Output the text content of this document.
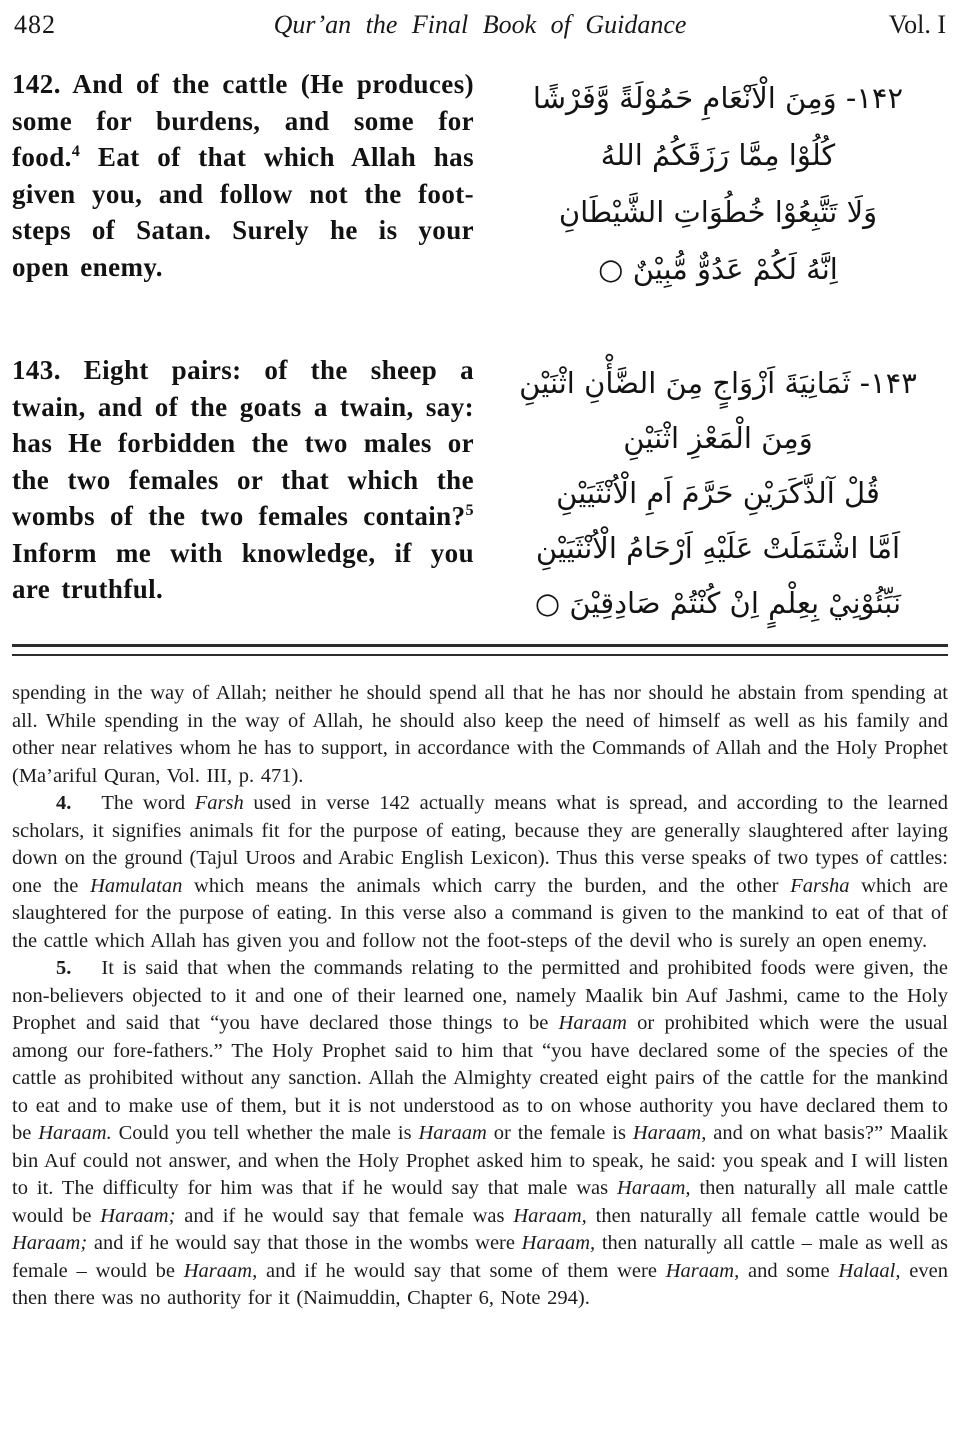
482	Qur’an the Final Book of Guidance	Vol. I
142. And of the cattle (He produces) some for burdens, and some for food.$^4$ Eat of that which Allah has given you, and follow not the foot-steps of Satan. Surely he is your open enemy.
۱۴۲- وَمِنَ الْاَنْعَامِ حَمُوْلَةً وَّفَرْشًا
كُلُوْا مِمَّا رَزَقَكُمُ اللهُ
وَلَا تَتَّبِعُوْا خُطُوَاتِ الشَّيْطَانِ
اِنَّهُ لَكُمْ عَدُوٌّ مُّبِيْنٌ ○
143. Eight pairs: of the sheep a twain, and of the goats a twain, say: has He forbidden the two males or the two females or that which the wombs of the two females contain?$^5$ Inform me with knowledge, if you are truthful.
۱۴۳- ثَمَانِيَةَ اَزْوَاجٍ مِنَ الضَّأْنِ اثْنَيْنِ
وَمِنَ الْمَعْزِ اثْنَيْنِ
قُلْ آلذَّكَرَيْنِ حَرَّمَ اَمِ الْاُنْثَيَيْنِ
اَمَّا اشْتَمَلَتْ عَلَيْهِ اَرْحَامُ الْاُنْثَيَيْنِ
نَبِّئُوْنِيْ بِعِلْمٍ اِنْ كُنْتُمْ صَادِقِيْنَ ○

spending in the way of Allah; neither he should spend all that he has nor should he abstain from spending at all. While spending in the way of Allah, he should also keep the need of himself as well as his family and other near relatives whom he has to support, in accordance with the Commands of Allah and the Holy Prophet (Ma’ariful Quran, Vol. III, p. 471).

4. The word Farsh used in verse 142 actually means what is spread, and according to the learned scholars, it signifies animals fit for the purpose of eating, because they are generally slaughtered after laying down on the ground (Tajul Uroos and Arabic English Lexicon). Thus this verse speaks of two types of cattles: one the Hamulatan which means the animals which carry the burden, and the other Farsha which are slaughtered for the purpose of eating. In this verse also a command is given to the mankind to eat of that of the cattle which Allah has given you and follow not the foot-steps of the devil who is surely an open enemy.

5. It is said that when the commands relating to the permitted and prohibited foods were given, the non-believers objected to it and one of their learned one, namely Maalik bin Auf Jashmi, came to the Holy Prophet and said that “you have declared those things to be Haraam or prohibited which were the usual among our fore-fathers.” The Holy Prophet said to him that “you have declared some of the species of the cattle as prohibited without any sanction. Allah the Almighty created eight pairs of the cattle for the mankind to eat and to make use of them, but it is not understood as to on whose authority you have declared them to be Haraam. Could you tell whether the male is Haraam or the female is Haraam, and on what basis?” Maalik bin Auf could not answer, and when the Holy Prophet asked him to speak, he said: you speak and I will listen to it. The difficulty for him was that if he would say that male was Haraam, then naturally all male cattle would be Haraam; and if he would say that female was Haraam, then naturally all female cattle would be Haraam; and if he would say that those in the wombs were Haraam, then naturally all cattle – male as well as female – would be Haraam, and if he would say that some of them were Haraam, and some Halaal, even then there was no authority for it (Naimuddin, Chapter 6, Note 294).
